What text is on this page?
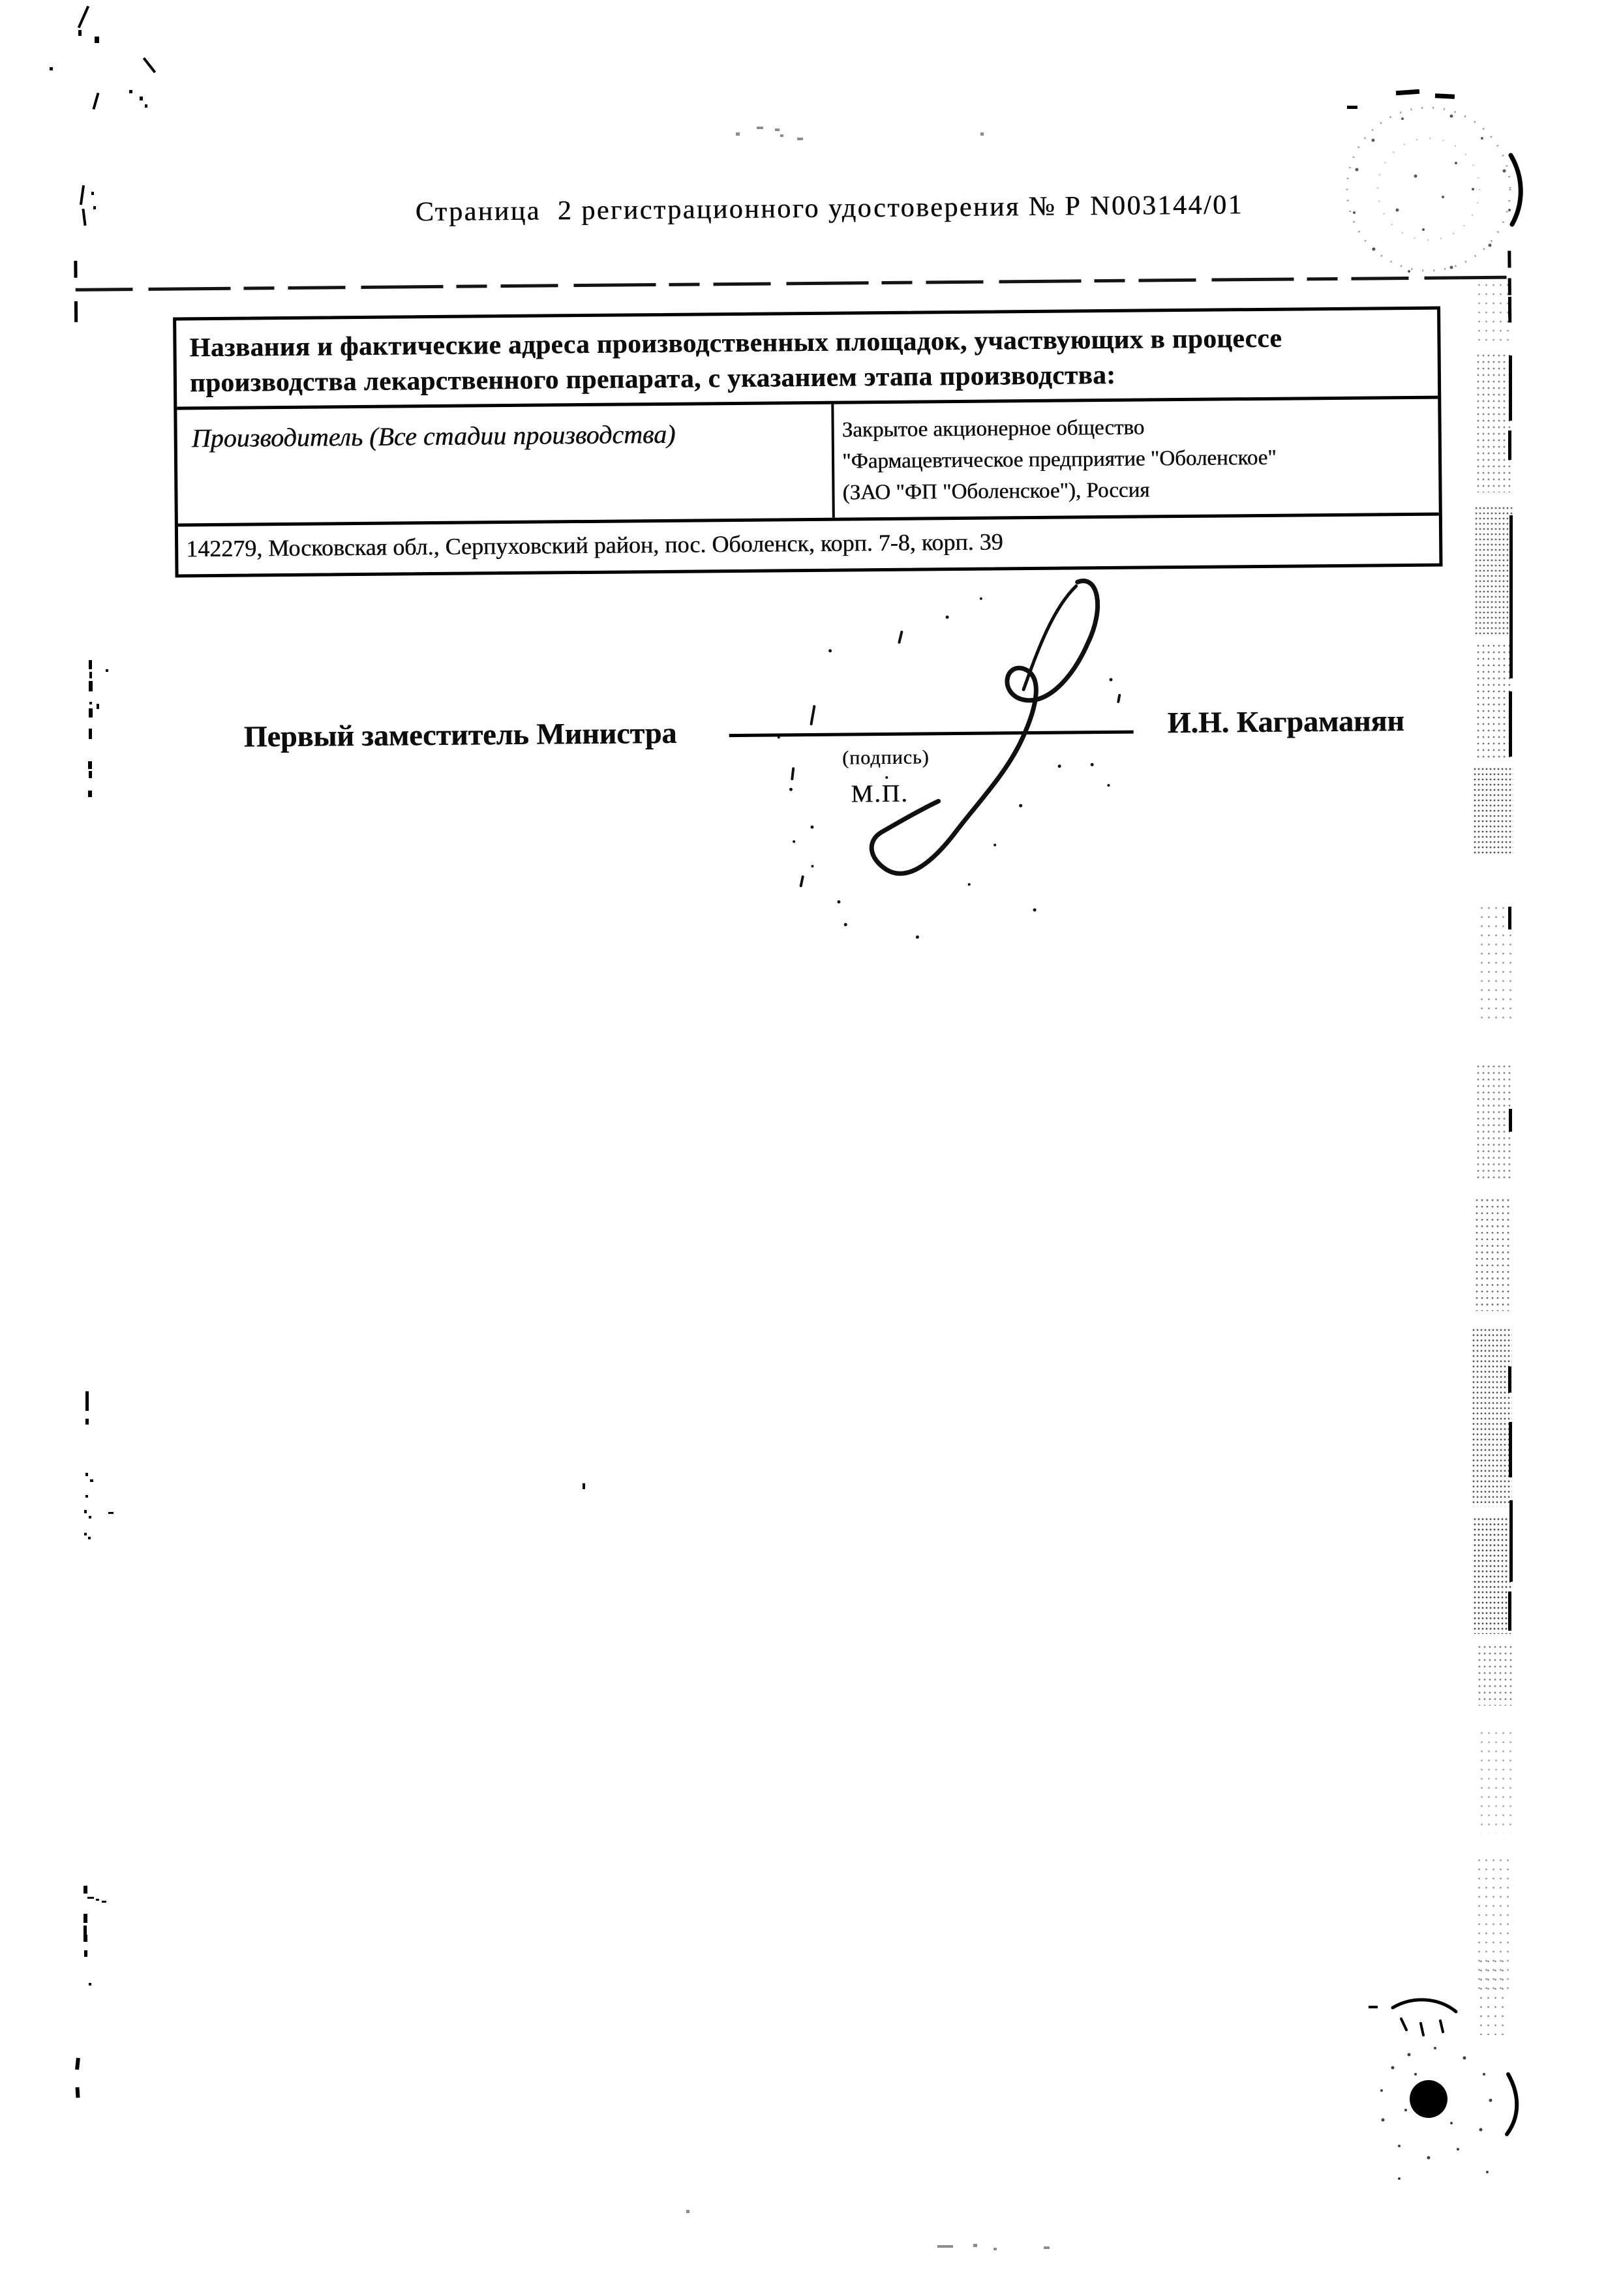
Страница  2 регистрационного удостоверения № Р N003144/01
Названия и фактические адреса производственных площадок, участвующих в процессе
производства лекарственного препарата, с указанием этапа производства:
Производитель (Все стадии производства)	Закрытое акционерное общество
"Фармацевтическое предприятие "Оболенское"
(ЗАО "ФП "Оболенское"), Россия
142279, Московская обл., Серпуховский район, пос. Оболенск, корп. 7-8, корп. 39
Первый заместитель Министра
(подпись)
М.П.
И.Н. Каграманян
